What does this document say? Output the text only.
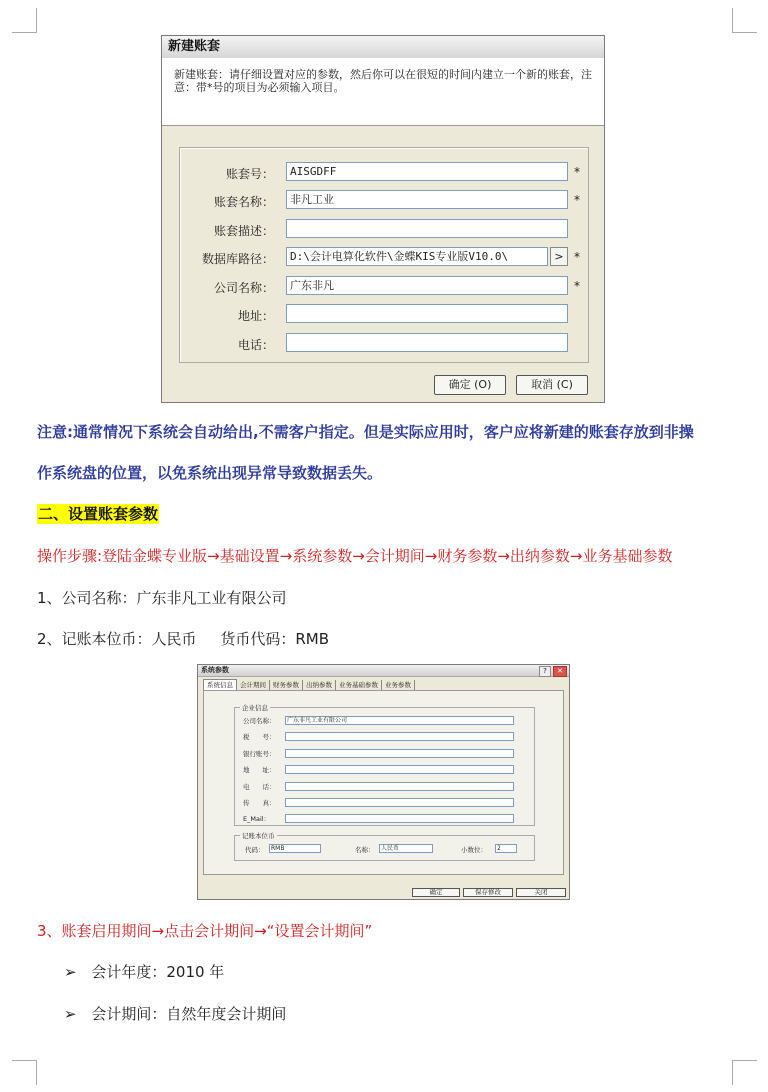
新建账套
新建账套：请仔细设置对应的参数，然后你可以在很短的时间内建立一个新的账套，注意：带*号的项目为必须输入项目。
账套号：	AISGDFF	*
账套名称：	非凡工业	*
账套描述：
数据库路径：	D:\会计电算化软件\金蝶KIS专业版V10.0\	> *
公司名称：	广东非凡	*
地址：
电话：
确定 (O)	取消 (C)
注意:通常情况下系统会自动给出,不需客户指定。但是实际应用时，客户应将新建的账套存放到非操
作系统盘的位置，以免系统出现异常导致数据丢失。
二、设置账套参数
操作步骤:登陆金蝶专业版→基础设置→系统参数→会计期间→财务参数→出纳参数→业务基础参数
1、公司名称：广东非凡工业有限公司
2、记账本位币：人民币     货币代码：RMB
系统参数	?	✕
系统信息 会计期间 财务参数 出纳参数 业务基础参数 业务参数
企业信息
公司名称：	广东非凡工业有限公司
税　　号：
银行账号：
地　　址：
电　　话：
传　　真：
E_Mail：
记账本位币
代码：	RMB	名称：	人民币	小数位：	2
确定	保存修改	关闭
3、账套启用期间→点击会计期间→“设置会计期间”
➢ 会计年度：2010 年
➢ 会计期间：自然年度会计期间
